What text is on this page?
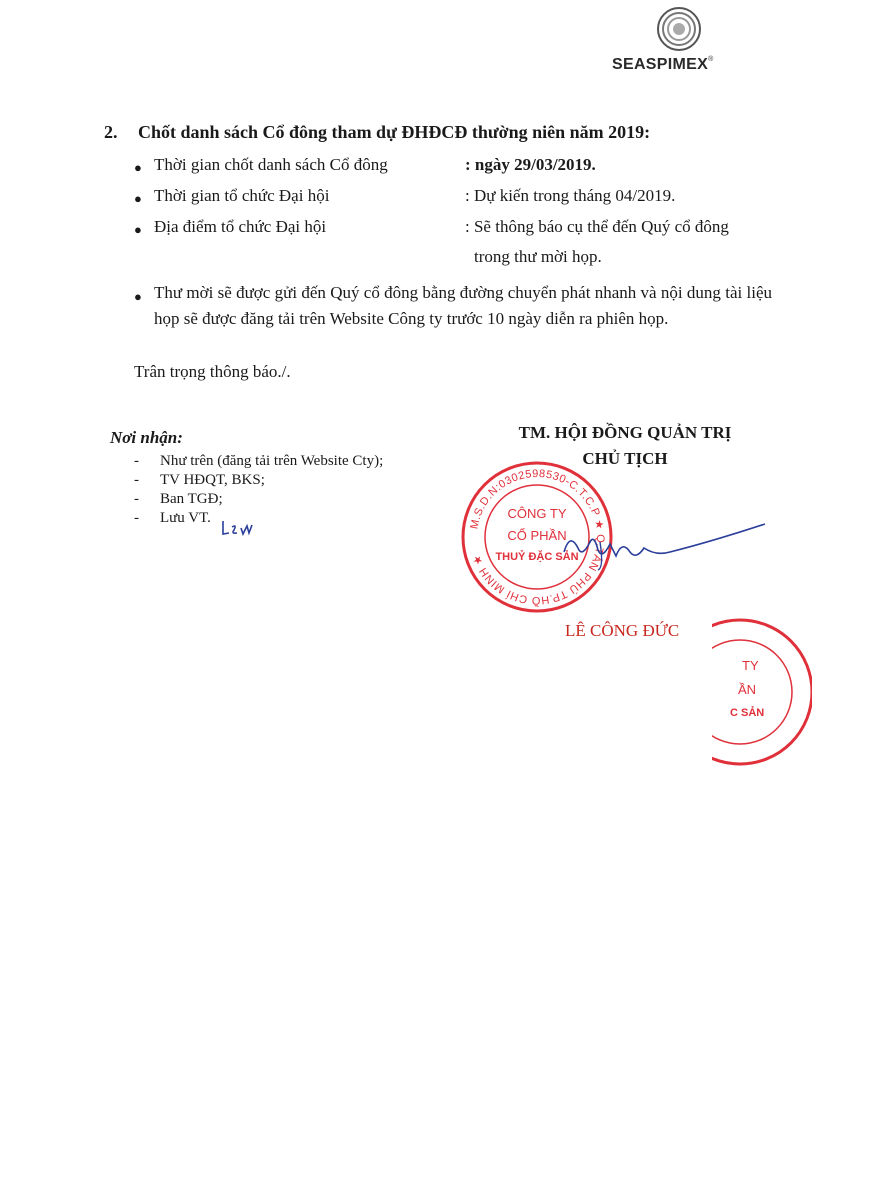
SEASPIMEX®
2. Chốt danh sách Cổ đông tham dự ĐHĐCĐ thường niên năm 2019:
● Thời gian chốt danh sách Cổ đông	: ngày 29/03/2019.
● Thời gian tổ chức Đại hội	: Dự kiến trong tháng 04/2019.
● Địa điểm tổ chức Đại hội	: Sẽ thông báo cụ thể đến Quý cổ đông
trong thư mời họp.
● Thư mời sẽ được gửi đến Quý cổ đông bằng đường chuyển phát nhanh và nội dung tài liệu họp sẽ được đăng tải trên Website Công ty trước 10 ngày diễn ra phiên họp.
Trân trọng thông báo./.
Nơi nhận:
- Như trên (đăng tải trên Website Cty);
- TV HĐQT, BKS;
- Ban TGĐ;
- Lưu VT.
TM. HỘI ĐỒNG QUẢN TRỊ
CHỦ TỊCH
M.S.D.N:0302598530-C.T.C.P ★ Q.TÂN PHÚ TP.HỒ CHÍ MINH ★
CÔNG TY
CỔ PHẦN
THUỶ ĐẶC SẢN
TY
ẦN
C SẢN
LÊ CÔNG ĐỨC
